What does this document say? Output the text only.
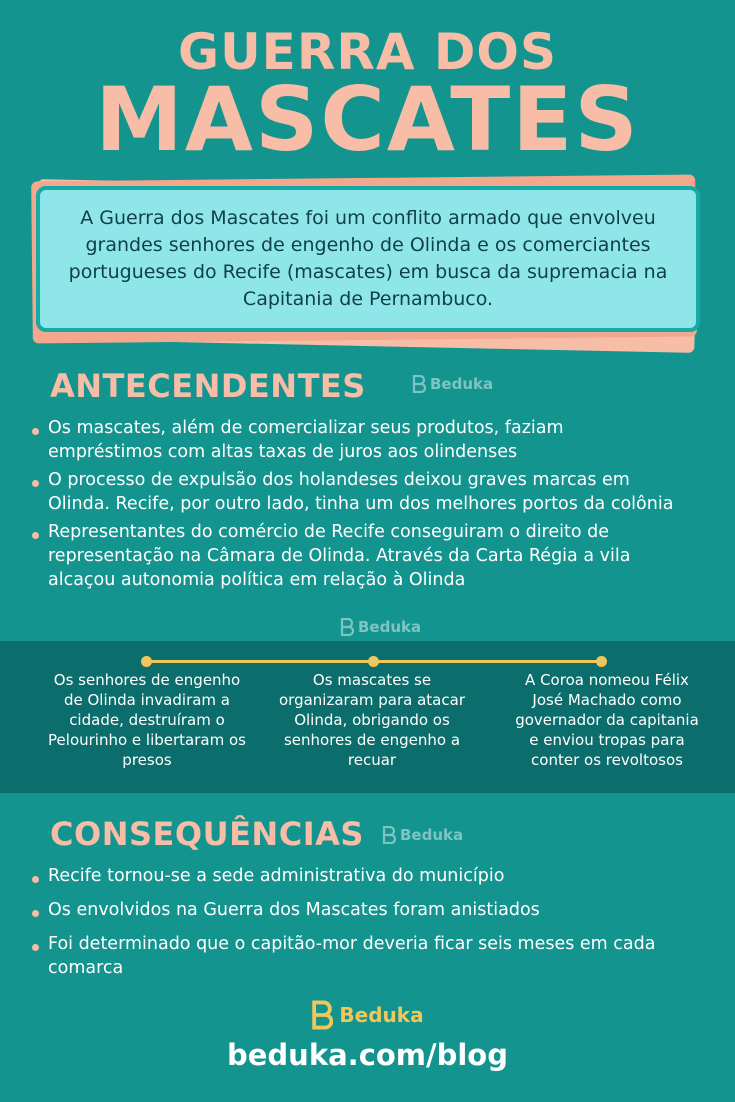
GUERRA DOS
MASCATES

A Guerra dos Mascates foi um conflito armado que envolveu grandes senhores de engenho de Olinda e os comerciantes portugueses do Recife (mascates) em busca da supremacia na Capitania de Pernambuco.

ANTECENDENTES	Beduka
Os mascates, além de comercializar seus produtos, faziam empréstimos com altas taxas de juros aos olindenses
O processo de expulsão dos holandeses deixou graves marcas em Olinda. Recife, por outro lado, tinha um dos melhores portos da colônia
Representantes do comércio de Recife conseguiram o direito de representação na Câmara de Olinda. Através da Carta Régia a vila alcaçou autonomia política em relação à Olinda
Beduka
Os senhores de engenho de Olinda invadiram a cidade, destruíram o Pelourinho e libertaram os presos
Os mascates se organizaram para atacar Olinda, obrigando os senhores de engenho a recuar
A Coroa nomeou Félix José Machado como governador da capitania e enviou tropas para conter os revoltosos
CONSEQUÊNCIAS Beduka
Recife tornou-se a sede administrativa do município
Os envolvidos na Guerra dos Mascates foram anistiados
Foi determinado que o capitão-mor deveria ficar seis meses em cada comarca
Beduka
beduka.com/blog
